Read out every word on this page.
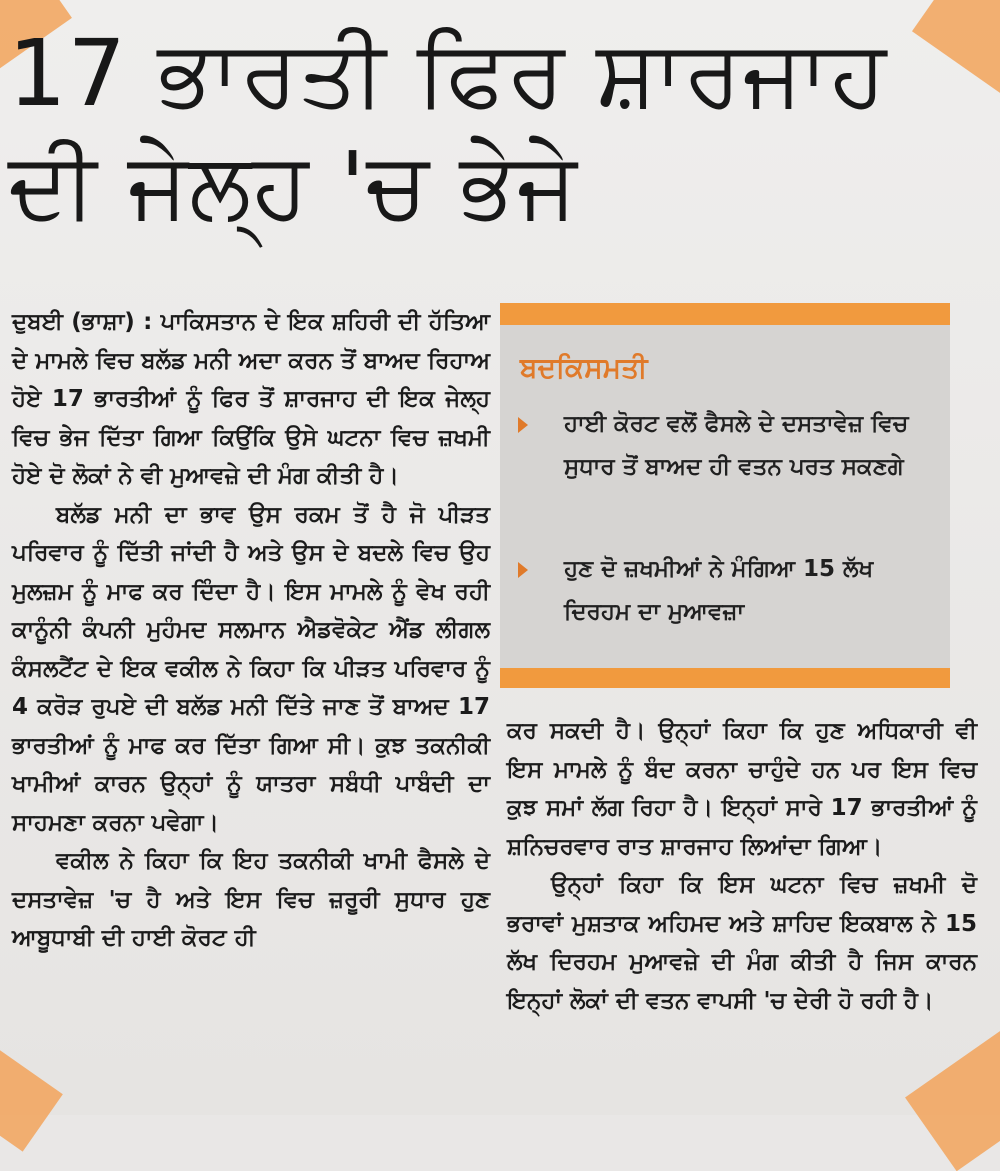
17 ਭਾਰਤੀ ਫਿਰ ਸ਼ਾਰਜਾਹ
ਦੀ ਜੇਲ੍ਹ 'ਚ ਭੇਜੇ

ਦੁਬਈ (ਭਾਸ਼ਾ) : ਪਾਕਿਸਤਾਨ ਦੇ ਇਕ ਸ਼ਹਿਰੀ ਦੀ ਹੱਤਿਆ ਦੇ ਮਾਮਲੇ ਵਿਚ ਬਲੱਡ ਮਨੀ ਅਦਾ ਕਰਨ ਤੋਂ ਬਾਅਦ ਰਿਹਾਅ ਹੋਏ 17 ਭਾਰਤੀਆਂ ਨੂੰ ਫਿਰ ਤੋਂ ਸ਼ਾਰਜਾਹ ਦੀ ਇਕ ਜੇਲ੍ਹ ਵਿਚ ਭੇਜ ਦਿੱਤਾ ਗਿਆ ਕਿਉਂਕਿ ਉਸੇ ਘਟਨਾ ਵਿਚ ਜ਼ਖਮੀ ਹੋਏ ਦੋ ਲੋਕਾਂ ਨੇ ਵੀ ਮੁਆਵਜ਼ੇ ਦੀ ਮੰਗ ਕੀਤੀ ਹੈ।

ਬਲੱਡ ਮਨੀ ਦਾ ਭਾਵ ਉਸ ਰਕਮ ਤੋਂ ਹੈ ਜੋ ਪੀੜਤ ਪਰਿਵਾਰ ਨੂੰ ਦਿੱਤੀ ਜਾਂਦੀ ਹੈ ਅਤੇ ਉਸ ਦੇ ਬਦਲੇ ਵਿਚ ਉਹ ਮੁਲਜ਼ਮ ਨੂੰ ਮਾਫ ਕਰ ਦਿੰਦਾ ਹੈ। ਇਸ ਮਾਮਲੇ ਨੂੰ ਵੇਖ ਰਹੀ ਕਾਨੂੰਨੀ ਕੰਪਨੀ ਮੁਹੰਮਦ ਸਲਮਾਨ ਐਡਵੋਕੇਟ ਐਂਡ ਲੀਗਲ ਕੰਸਲਟੈਂਟ ਦੇ ਇਕ ਵਕੀਲ ਨੇ ਕਿਹਾ ਕਿ ਪੀੜਤ ਪਰਿਵਾਰ ਨੂੰ 4 ਕਰੋੜ ਰੁਪਏ ਦੀ ਬਲੱਡ ਮਨੀ ਦਿੱਤੇ ਜਾਣ ਤੋਂ ਬਾਅਦ 17 ਭਾਰਤੀਆਂ ਨੂੰ ਮਾਫ ਕਰ ਦਿੱਤਾ ਗਿਆ ਸੀ। ਕੁਝ ਤਕਨੀਕੀ ਖਾਮੀਆਂ ਕਾਰਨ ਉਨ੍ਹਾਂ ਨੂੰ ਯਾਤਰਾ ਸਬੰਧੀ ਪਾਬੰਦੀ ਦਾ ਸਾਹਮਣਾ ਕਰਨਾ ਪਵੇਗਾ।

ਵਕੀਲ ਨੇ ਕਿਹਾ ਕਿ ਇਹ ਤਕਨੀਕੀ ਖਾਮੀ ਫੈਸਲੇ ਦੇ ਦਸਤਾਵੇਜ਼ 'ਚ ਹੈ ਅਤੇ ਇਸ ਵਿਚ ਜ਼ਰੂਰੀ ਸੁਧਾਰ ਹੁਣ ਆਬੂਧਾਬੀ ਦੀ ਹਾਈ ਕੋਰਟ ਹੀ

ਬਦਕਿਸਮਤੀ
ਹਾਈ ਕੋਰਟ ਵਲੋਂ ਫੈਸਲੇ ਦੇ ਦਸਤਾਵੇਜ਼ ਵਿਚ ਸੁਧਾਰ ਤੋਂ ਬਾਅਦ ਹੀ ਵਤਨ ਪਰਤ ਸਕਣਗੇ
ਹੁਣ ਦੋ ਜ਼ਖਮੀਆਂ ਨੇ ਮੰਗਿਆ 15 ਲੱਖ ਦਿਰਹਮ ਦਾ ਮੁਆਵਜ਼ਾ

ਕਰ ਸਕਦੀ ਹੈ। ਉਨ੍ਹਾਂ ਕਿਹਾ ਕਿ ਹੁਣ ਅਧਿਕਾਰੀ ਵੀ ਇਸ ਮਾਮਲੇ ਨੂੰ ਬੰਦ ਕਰਨਾ ਚਾਹੁੰਦੇ ਹਨ ਪਰ ਇਸ ਵਿਚ ਕੁਝ ਸਮਾਂ ਲੱਗ ਰਿਹਾ ਹੈ। ਇਨ੍ਹਾਂ ਸਾਰੇ 17 ਭਾਰਤੀਆਂ ਨੂੰ ਸ਼ਨਿਚਰਵਾਰ ਰਾਤ ਸ਼ਾਰਜਾਹ ਲਿਆਂਦਾ ਗਿਆ।

ਉਨ੍ਹਾਂ ਕਿਹਾ ਕਿ ਇਸ ਘਟਨਾ ਵਿਚ ਜ਼ਖਮੀ ਦੋ ਭਰਾਵਾਂ ਮੁਸ਼ਤਾਕ ਅਹਿਮਦ ਅਤੇ ਸ਼ਾਹਿਦ ਇਕਬਾਲ ਨੇ 15 ਲੱਖ ਦਿਰਹਮ ਮੁਆਵਜ਼ੇ ਦੀ ਮੰਗ ਕੀਤੀ ਹੈ ਜਿਸ ਕਾਰਨ ਇਨ੍ਹਾਂ ਲੋਕਾਂ ਦੀ ਵਤਨ ਵਾਪਸੀ 'ਚ ਦੇਰੀ ਹੋ ਰਹੀ ਹੈ।
